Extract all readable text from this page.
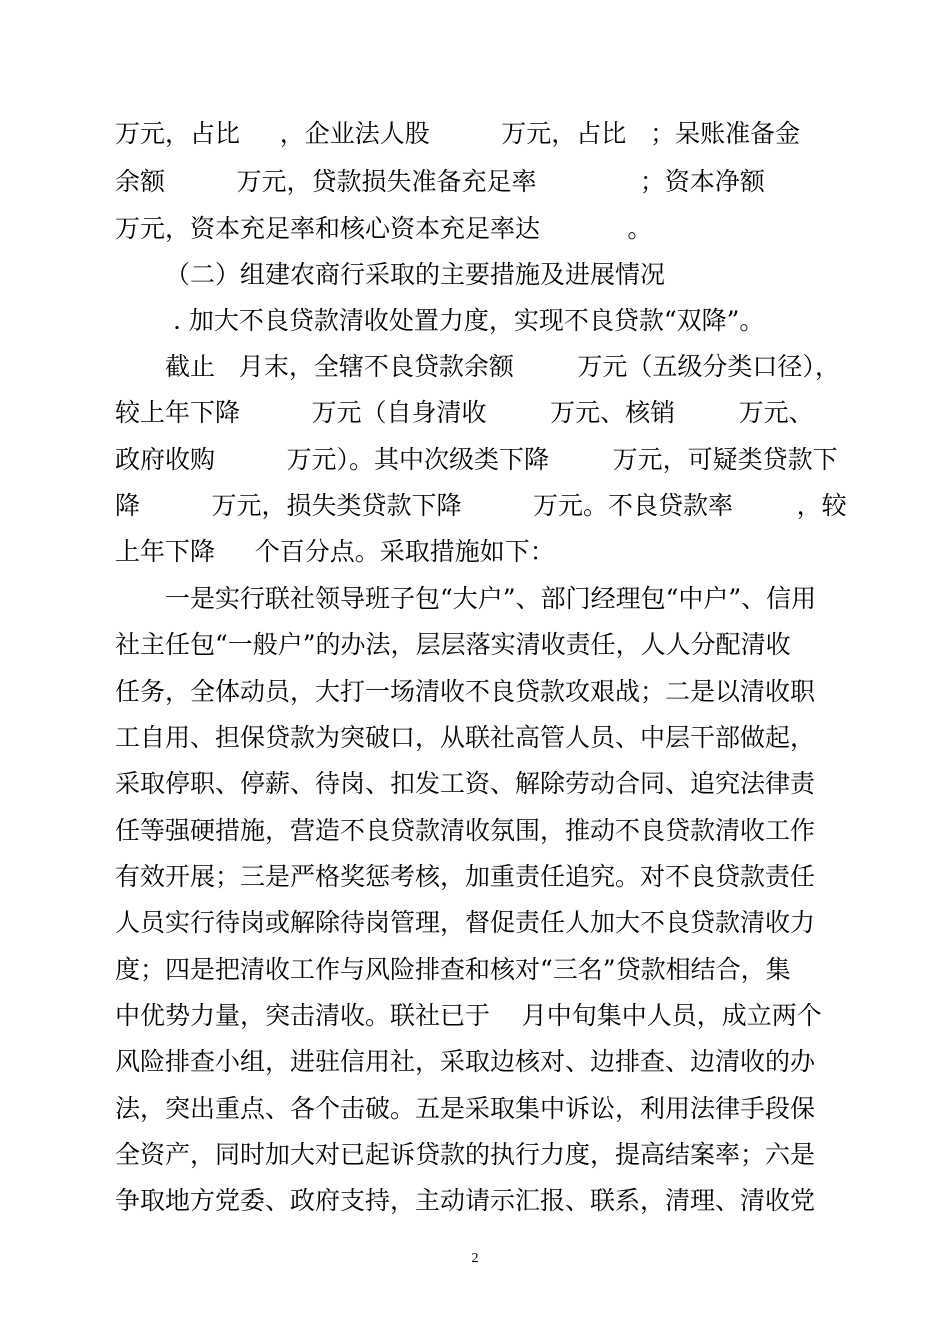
万元，占比     ，企业法人股         万元，占比   ；呆账准备金
余额         万元，贷款损失准备充足率             ；资本净额
万元，资本充足率和核心资本充足率达           。
（二）组建农商行采取的主要措施及进展情况
. 加大不良贷款清收处置力度，实现不良贷款“双降”。
截止   月末，全辖不良贷款余额        万元（五级分类口径），
较上年下降         万元（自身清收        万元、核销        万元、
政府收购         万元）。其中次级类下降        万元，可疑类贷款下
降         万元，损失类贷款下降         万元。不良贷款率        ，较
上年下降     个百分点。采取措施如下：
一是实行联社领导班子包“大户”、部门经理包“中户”、信用
社主任包“一般户”的办法，层层落实清收责任，人人分配清收
任务，全体动员，大打一场清收不良贷款攻艰战；二是以清收职
工自用、担保贷款为突破口，从联社高管人员、中层干部做起，
采取停职、停薪、待岗、扣发工资、解除劳动合同、追究法律责
任等强硬措施，营造不良贷款清收氛围，推动不良贷款清收工作
有效开展；三是严格奖惩考核，加重责任追究。对不良贷款责任
人员实行待岗或解除待岗管理，督促责任人加大不良贷款清收力
度；四是把清收工作与风险排查和核对“三名”贷款相结合，集
中优势力量，突击清收。联社已于    月中旬集中人员，成立两个
风险排查小组，进驻信用社，采取边核对、边排查、边清收的办
法，突出重点、各个击破。五是采取集中诉讼，利用法律手段保
全资产，同时加大对已起诉贷款的执行力度，提高结案率；六是
争取地方党委、政府支持，主动请示汇报、联系，清理、清收党
2
